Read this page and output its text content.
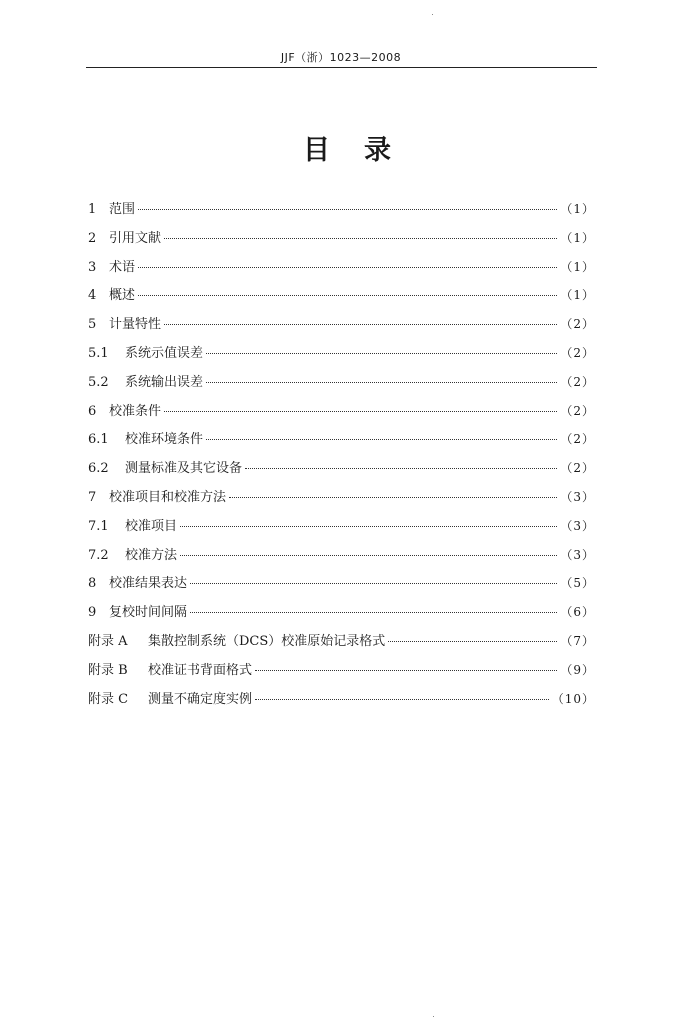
JJF（浙）1023—2008
目录
1 范围	（1）
2 引用文献	（1）
3 术语	（1）
4 概述	（1）
5 计量特性	（2）
5.1	系统示值误差	（2）
5.2	系统输出误差	（2）
6 校准条件	（2）
6.1	校准环境条件	（2）
6.2	测量标准及其它设备	（2）
7 校准项目和校准方法	（3）
7.1	校准项目	（3）
7.2	校准方法	（3）
8 校准结果表达	（5）
9 复校时间间隔	（6）
附录 A	集散控制系统（DCS）校准原始记录格式	（7）
附录 B	校准证书背面格式	（9）
附录 C	测量不确定度实例	（10）
